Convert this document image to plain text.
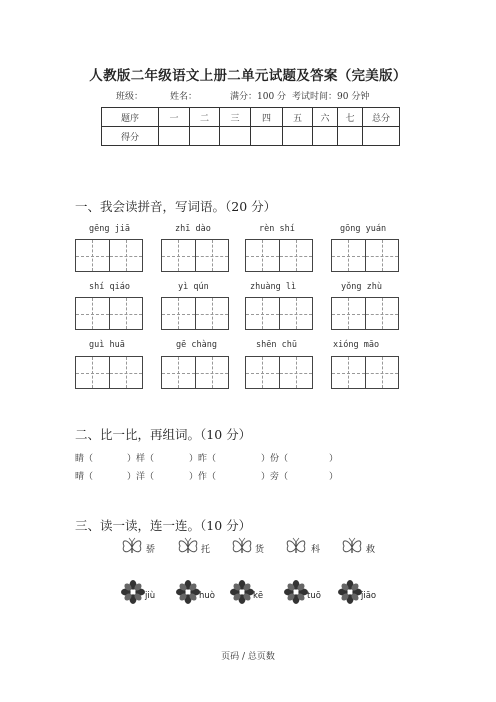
人教版二年级语文上册二单元试题及答案（完美版）
班级：	姓名：	满分：100 分 考试时间：90 分钟
题序	一	二	三	四	五	六	七	总分
得分								
一、我会读拼音，写词语。（20 分）
gēng jiā	zhī dào	rèn shí	gōng yuán
shí qiáo	yì qún	zhuàng lì	yǒng zhù
guì huā	gē chàng	shēn chū	xióng māo
二、比一比，再组词。（10 分）
睛（	）样（	）昨（	）份（	）
晴（	）洋（	）作（	）旁（	）
三、读一读，连一连。（10 分）
骄	托	货	科	救
jiù	huò	kē	tuō	jiāo
页码 / 总页数
